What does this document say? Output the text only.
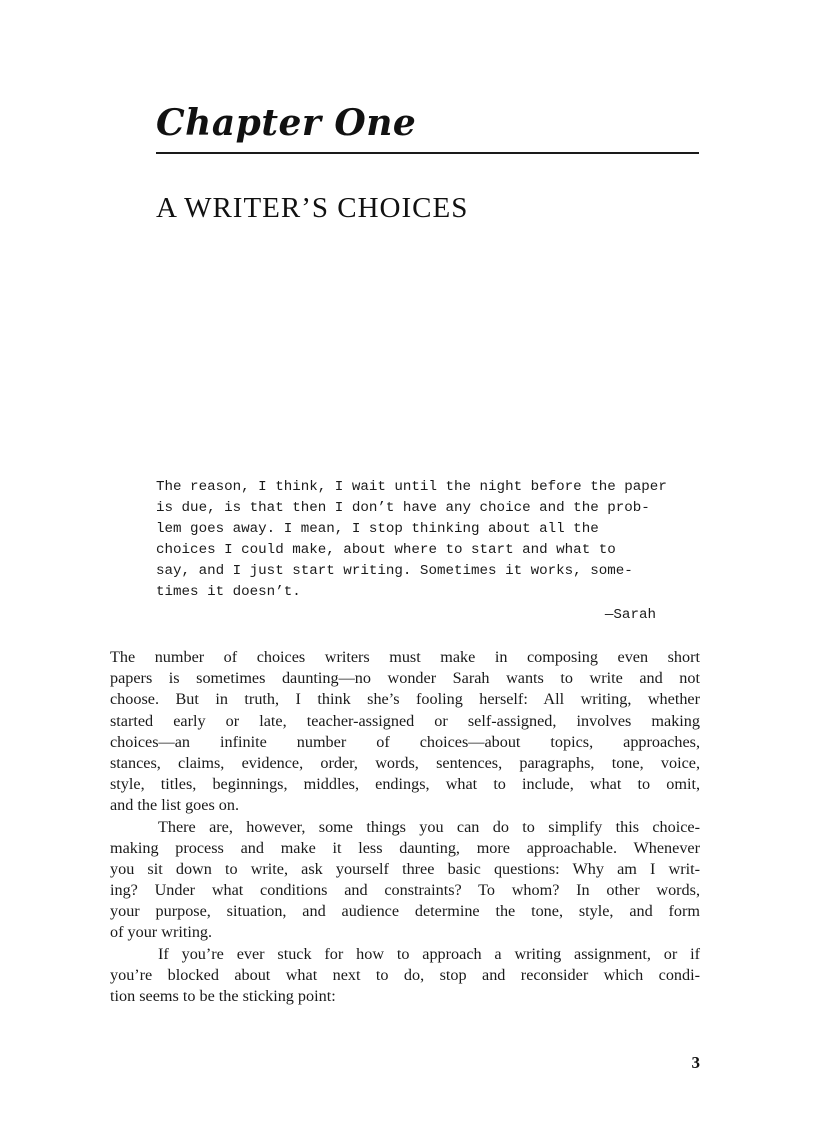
Chapter One
A WRITER’S CHOICES
The reason, I think, I wait until the night before the paper
is due, is that then I don’t have any choice and the prob-
lem goes away. I mean, I stop thinking about all the
choices I could make, about where to start and what to
say, and I just start writing. Sometimes it works, some-
times it doesn’t.
—Sarah
The number of choices writers must make in composing even short
papers is sometimes daunting—no wonder Sarah wants to write and not
choose. But in truth, I think she’s fooling herself: All writing, whether
started early or late, teacher-assigned or self-assigned, involves making
choices—an infinite number of choices—about topics, approaches,
stances, claims, evidence, order, words, sentences, paragraphs, tone, voice,
style, titles, beginnings, middles, endings, what to include, what to omit,
and the list goes on.
There are, however, some things you can do to simplify this choice-
making process and make it less daunting, more approachable. Whenever
you sit down to write, ask yourself three basic questions: Why am I writ-
ing? Under what conditions and constraints? To whom? In other words,
your purpose, situation, and audience determine the tone, style, and form
of your writing.
If you’re ever stuck for how to approach a writing assignment, or if
you’re blocked about what next to do, stop and reconsider which condi-
tion seems to be the sticking point:
3
